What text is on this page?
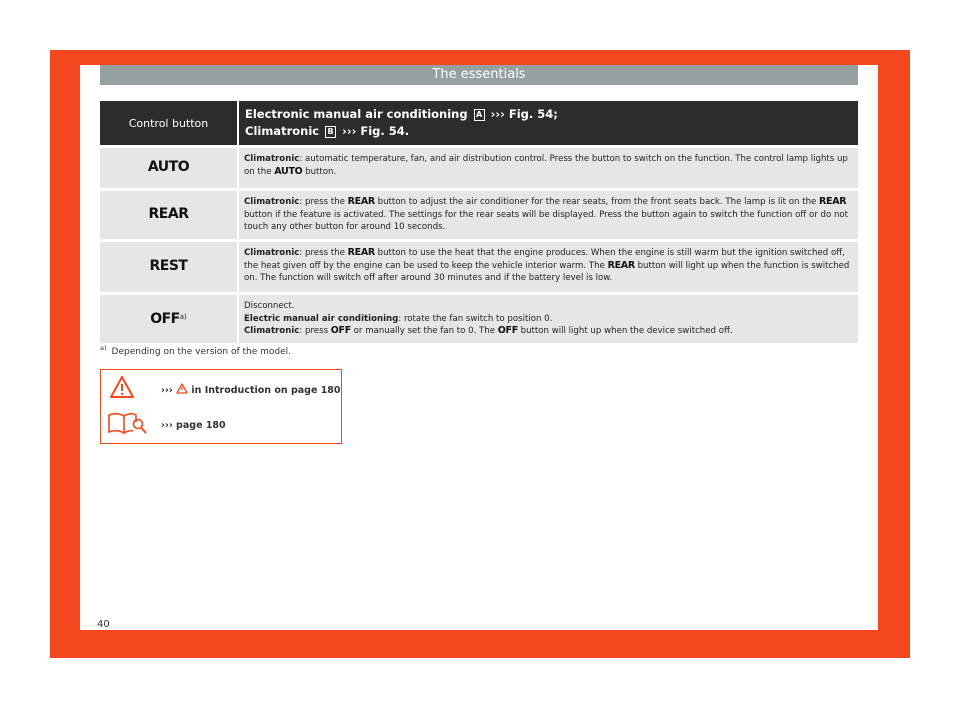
The essentials
Control button	Electronic manual air conditioning A ››› Fig. 54;
Climatronic B ››› Fig. 54.
AUTO	Climatronic: automatic temperature, fan, and air distribution control. Press the button to switch on the function. The control lamp lights up on the AUTO button.
REAR	Climatronic: press the REAR button to adjust the air conditioner for the rear seats, from the front seats back. The lamp is lit on the REAR button if the feature is activated. The settings for the rear seats will be displayed. Press the button again to switch the function off or do not touch any other button for around 10 seconds.
REST	Climatronic: press the REAR button to use the heat that the engine produces. When the engine is still warm but the ignition switched off, the heat given off by the engine can be used to keep the vehicle interior warm. The REAR button will light up when the function is switched on. The function will switch off after around 30 minutes and if the battery level is low.
OFF$^{a)}$	Disconnect.
Electric manual air conditioning: rotate the fan switch to position 0.
Climatronic: press OFF or manually set the fan to 0. The OFF button will light up when the device switched off.
$^{a)}$ Depending on the version of the model.
››› in Introduction on page 180
››› page 180
40
